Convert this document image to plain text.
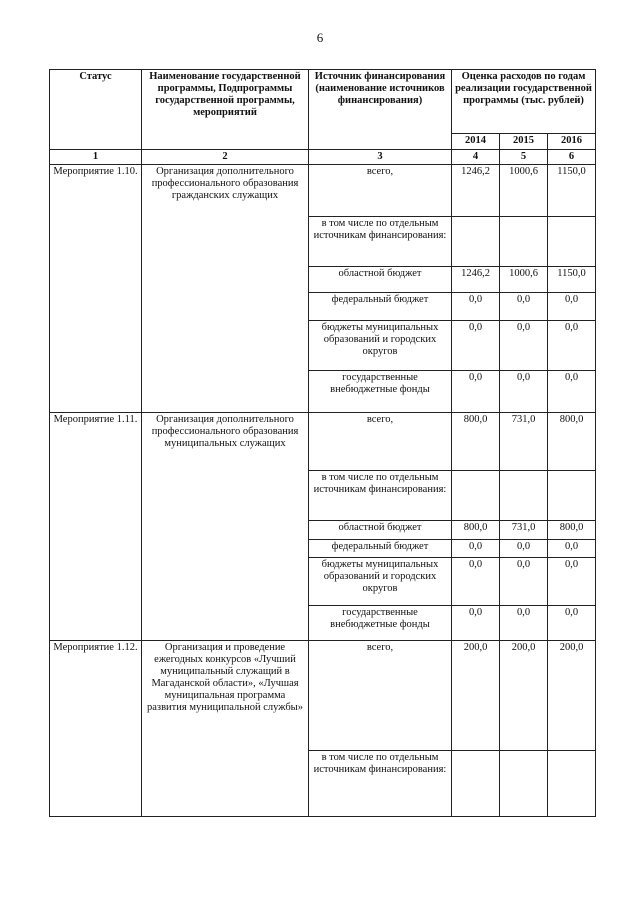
6
Статус	Наименование государственной программы, Подпрограммы государственной программы, мероприятий	Источник финансирования (наименование источников финансирования)	Оценка расходов по годам реализации государственной программы (тыс. рублей)		
			2014	2015	2016
1	2	3	4	5	6
Мероприятие 1.10.	Организация дополнительного профессионального образования гражданских служащих	всего,	1246,2	1000,6	1150,0
		в том числе по отдельным источникам финансирования:			
		областной бюджет	1246,2	1000,6	1150,0
		федеральный бюджет	0,0	0,0	0,0
		бюджеты муниципальных образований и городских округов	0,0	0,0	0,0
		государственные внебюджетные фонды	0,0	0,0	0,0
Мероприятие 1.11.	Организация дополнительного профессионального образования муниципальных служащих	всего,	800,0	731,0	800,0
		в том числе по отдельным источникам финансирования:			
		областной бюджет	800,0	731,0	800,0
		федеральный бюджет	0,0	0,0	0,0
		бюджеты муниципальных образований и городских округов	0,0	0,0	0,0
		государственные внебюджетные фонды	0,0	0,0	0,0
Мероприятие 1.12.	Организация и проведение ежегодных конкурсов «Лучший муниципальный служащий в Магаданской области», «Лучшая муниципальная программа развития муниципальной службы»	всего,	200,0	200,0	200,0
		в том числе по отдельным источникам финансирования:			
